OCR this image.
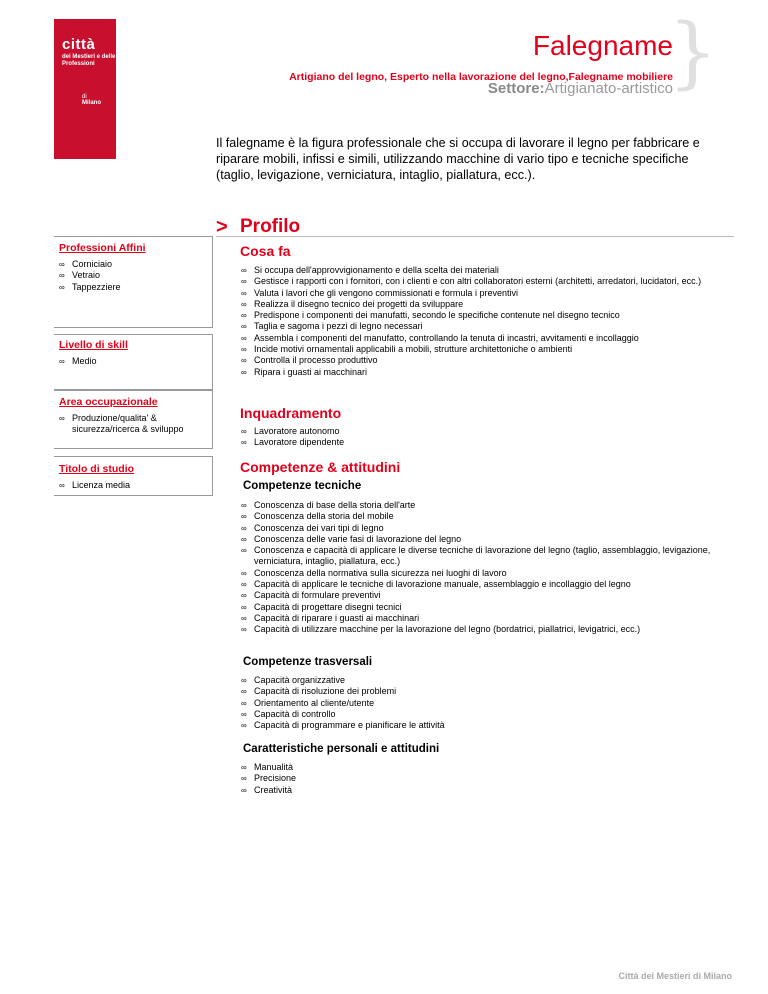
città
dei Mestieri e delle Professioni
di
Milano
Falegname
Artigiano del legno, Esperto nella lavorazione del legno,Falegname mobiliere
Settore:Artigianato-artistico
}
Il falegname è la figura professionale che si occupa di lavorare il legno per fabbricare e riparare mobili, infissi e simili, utilizzando macchine di vario tipo e tecniche specifiche (taglio, levigazione, verniciatura, intaglio, piallatura, ecc.).
> Profilo
Professioni Affini
∞ Corniciaio
∞ Vetraio
∞ Tappezziere
Livello di skill
∞ Medio
Area occupazionale
∞ Produzione/qualita' & sicurezza/ricerca & sviluppo
Titolo di studio
∞ Licenza media
Cosa fa
∞ Si occupa dell'approvvigionamento e della scelta dei materiali
∞ Gestisce i rapporti con i fornitori, con i clienti e con altri collaboratori esterni (architetti, arredatori, lucidatori, ecc.)
∞ Valuta i lavori che gli vengono commissionati e formula i preventivi
∞ Realizza il disegno tecnico dei progetti da sviluppare
∞ Predispone i componenti dei manufatti, secondo le specifiche contenute nel disegno tecnico
∞ Taglia e sagoma i pezzi di legno necessari
∞ Assembla i componenti del manufatto, controllando la tenuta di incastri, avvitamenti e incollaggio
∞ Incide motivi ornamentali applicabili a mobili, strutture architettoniche o ambienti
∞ Controlla il processo produttivo
∞ Ripara i guasti ai macchinari
Inquadramento
∞ Lavoratore autonomo
∞ Lavoratore dipendente
Competenze & attitudini
Competenze tecniche
∞ Conoscenza di base della storia dell'arte
∞ Conoscenza della storia del mobile
∞ Conoscenza dei vari tipi di legno
∞ Conoscenza delle varie fasi di lavorazione del legno
∞ Conoscenza e capacità di applicare le diverse tecniche di lavorazione del legno (taglio, assemblaggio, levigazione, verniciatura, intaglio, piallatura, ecc.)
∞ Conoscenza della normativa sulla sicurezza nei luoghi di lavoro
∞ Capacità di applicare le tecniche di lavorazione manuale, assemblaggio e incollaggio del legno
∞ Capacità di formulare preventivi
∞ Capacità di progettare disegni tecnici
∞ Capacità di riparare i guasti ai macchinari
∞ Capacità di utilizzare macchine per la lavorazione del legno (bordatrici, piallatrici, levigatrici, ecc.)
Competenze trasversali
∞ Capacità organizzative
∞ Capacità di risoluzione dei problemi
∞ Orientamento al cliente/utente
∞ Capacità di controllo
∞ Capacità di programmare e pianificare le attività
Caratteristiche personali e attitudini
∞ Manualità
∞ Precisione
∞ Creatività
Città dei Mestieri di Milano
